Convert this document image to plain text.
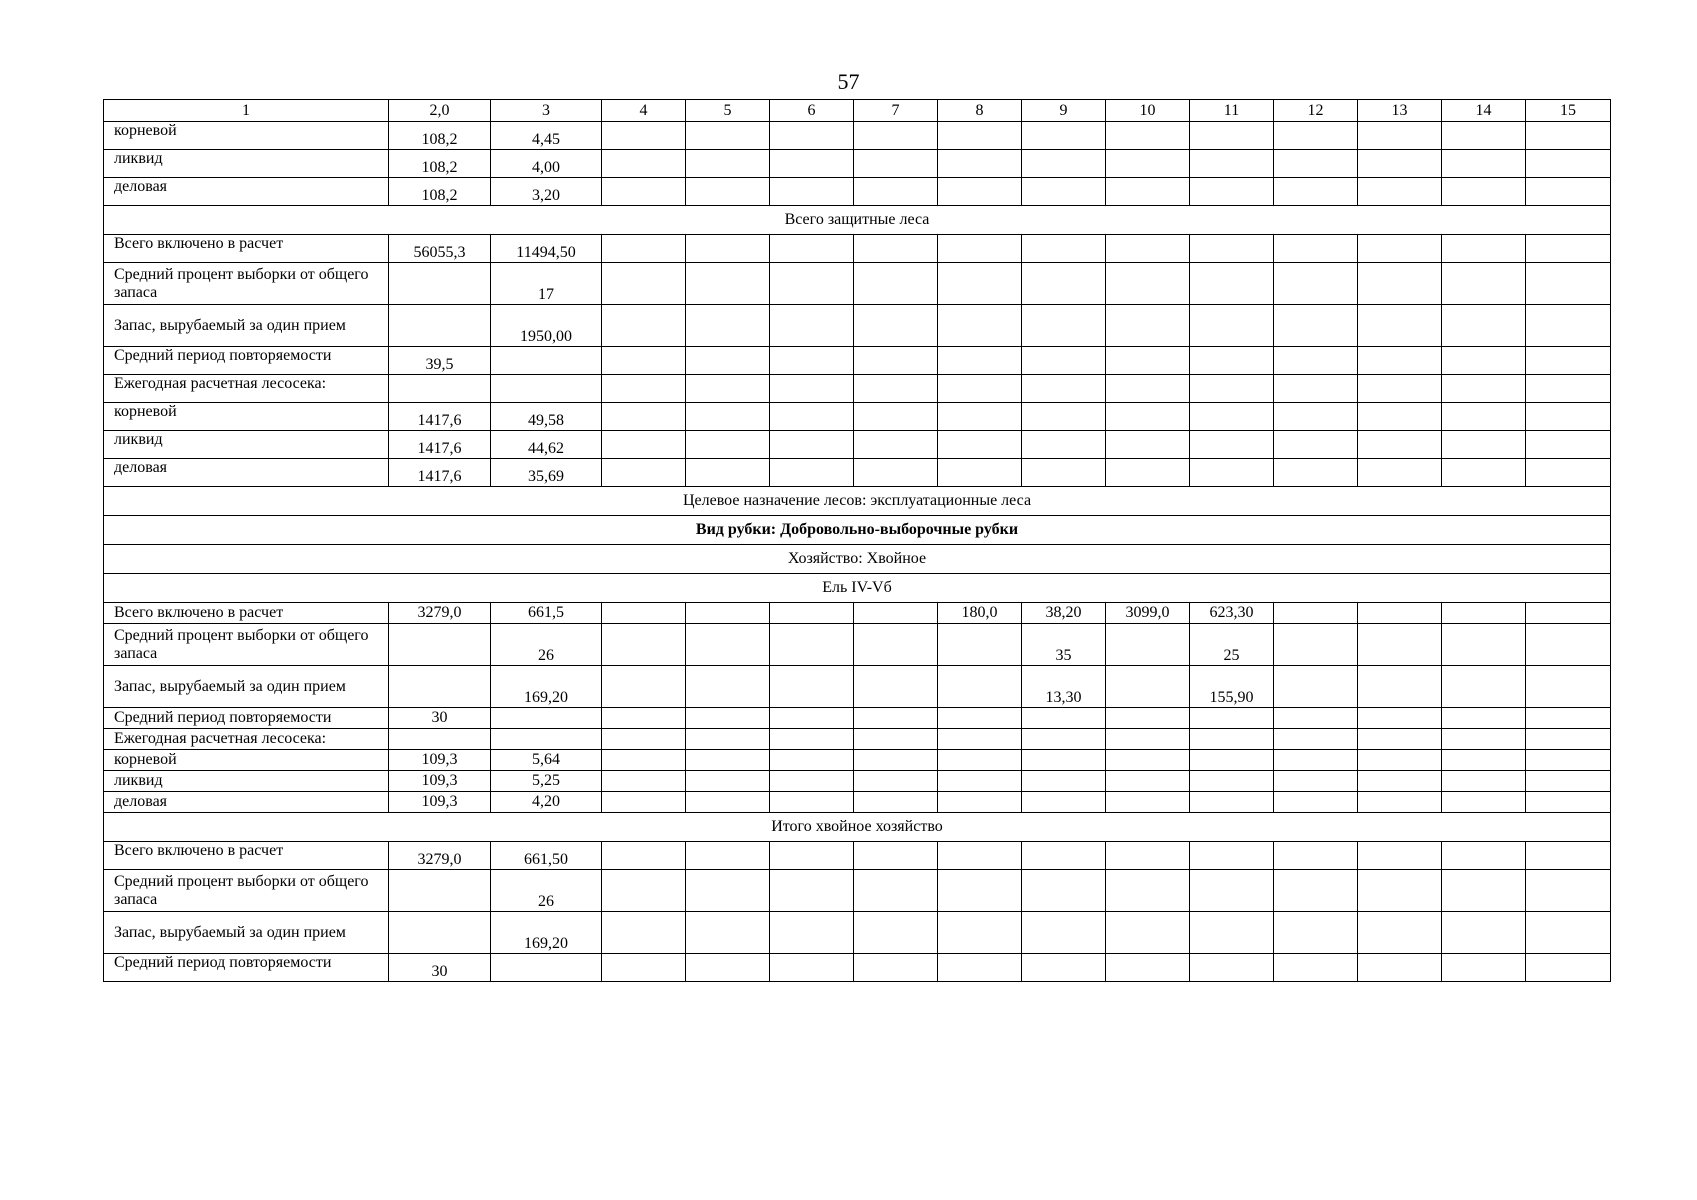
57
1	2,0	3	4	5	6	7	8	9	10	11	12	13	14	15
корневой	108,2	4,45												
ликвид	108,2	4,00												
деловая	108,2	3,20												
Всего защитные леса														
Всего включено в расчет	56055,3	11494,50												
Средний процент выборки от общего запаса		17												
Запас, вырубаемый за один прием		1950,00												
Средний период повторяемости	39,5													
Ежегодная расчетная лесосека:														
корневой	1417,6	49,58												
ликвид	1417,6	44,62												
деловая	1417,6	35,69												
Целевое назначение лесов: эксплуатационные леса														
Вид рубки: Добровольно-выборочные рубки														
Хозяйство: Хвойное														
Ель IV-Vб														
Всего включено в расчет	3279,0	661,5					180,0	38,20	3099,0	623,30				
Средний процент выборки от общего запаса		26						35		25				
Запас, вырубаемый за один прием		169,20						13,30		155,90				
Средний период повторяемости	30													
Ежегодная расчетная лесосека:														
корневой	109,3	5,64												
ликвид	109,3	5,25												
деловая	109,3	4,20												
Итого хвойное хозяйство														
Всего включено в расчет	3279,0	661,50												
Средний процент выборки от общего запаса		26												
Запас, вырубаемый за один прием		169,20												
Средний период повторяемости	30													
